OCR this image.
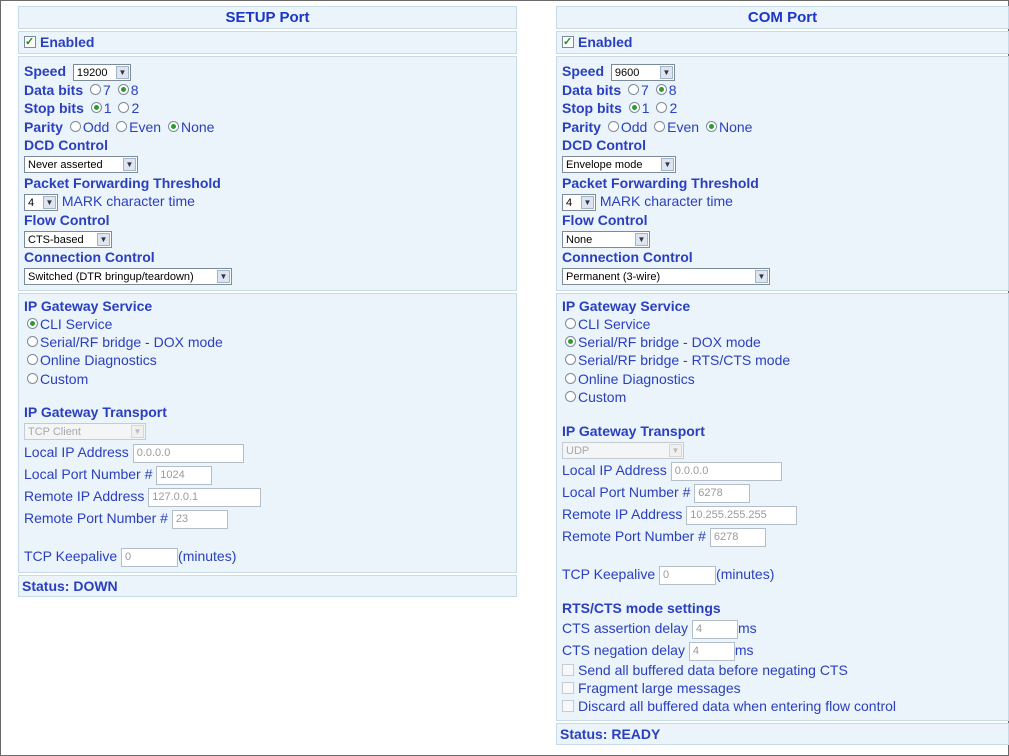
SETUP Port
✓Enabled
Speed 19200	▼
Data bits 7 8
Stop bits 1 2
Parity Odd Even None
DCD Control
Never asserted	▼
Packet Forwarding Threshold
4	▼ MARK character time
Flow Control
CTS-based	▼
Connection Control
Switched (DTR bringup/teardown)	▼
IP Gateway Service
CLI Service
Serial/RF bridge - DOX mode
Online Diagnostics
Custom
IP Gateway Transport
TCP Client	▼
Local IP Address 0.0.0.0
Local Port Number # 1024
Remote IP Address 127.0.0.1
Remote Port Number # 23
TCP Keepalive 0	(minutes)
Status: DOWN
COM Port
✓Enabled
Speed 9600	▼
Data bits 7 8
Stop bits 1 2
Parity Odd Even None
DCD Control
Envelope mode	▼
Packet Forwarding Threshold
4	▼ MARK character time
Flow Control
None	▼
Connection Control
Permanent (3-wire)	▼
IP Gateway Service
CLI Service
Serial/RF bridge - DOX mode
Serial/RF bridge - RTS/CTS mode
Online Diagnostics
Custom
IP Gateway Transport
UDP	▼
Local IP Address 0.0.0.0
Local Port Number # 6278
Remote IP Address 10.255.255.255
Remote Port Number # 6278
TCP Keepalive 0	(minutes)
RTS/CTS mode settings
CTS assertion delay 4	ms
CTS negation delay 4	ms
Send all buffered data before negating CTS
Fragment large messages
Discard all buffered data when entering flow control
Status: READY
